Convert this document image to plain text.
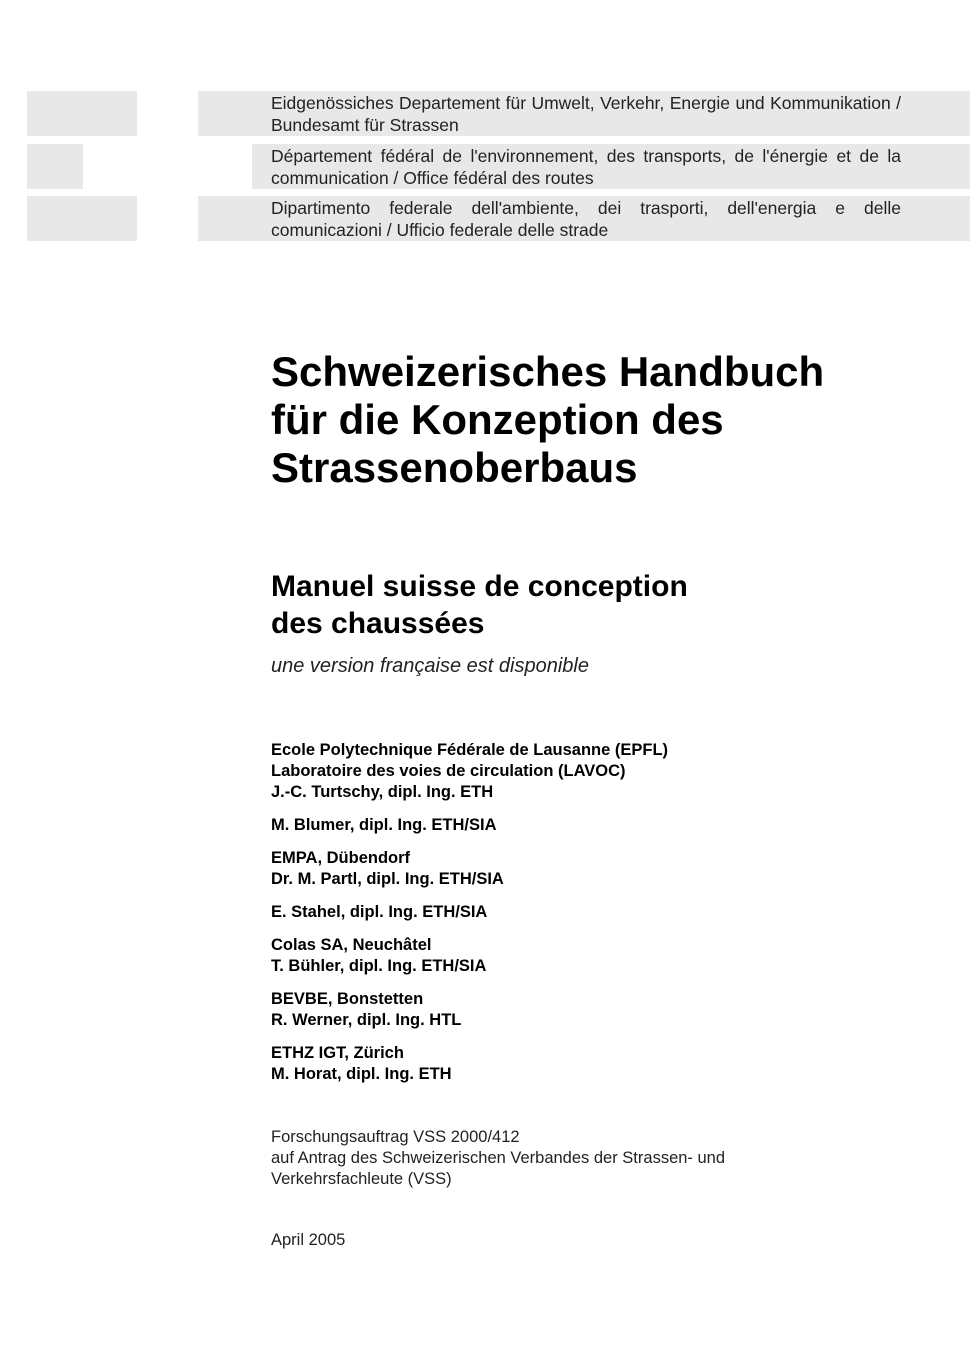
Eidgenössiches Departement für Umwelt, Verkehr, Energie und Kommunikation / Bundesamt für Strassen
Département fédéral de l'environnement, des transports, de l'énergie et de la communication / Office fédéral des routes
Dipartimento federale dell'ambiente, dei trasporti, dell'energia e delle comunicazioni / Ufficio federale delle strade
Schweizerisches Handbuch
für die Konzeption des
Strassenoberbaus
Manuel suisse de conception
des chaussées
une version française est disponible
Ecole Polytechnique Fédérale de Lausanne (EPFL)
Laboratoire des voies de circulation (LAVOC)
J.-C. Turtschy, dipl. Ing. ETH
M. Blumer, dipl. Ing. ETH/SIA
EMPA, Dübendorf
Dr. M. Partl, dipl. Ing. ETH/SIA
E. Stahel, dipl. Ing. ETH/SIA
Colas SA, Neuchâtel
T. Bühler, dipl. Ing. ETH/SIA
BEVBE, Bonstetten
R. Werner, dipl. Ing. HTL
ETHZ IGT, Zürich
M. Horat, dipl. Ing. ETH
Forschungsauftrag VSS 2000/412
auf Antrag des Schweizerischen Verbandes der Strassen- und
Verkehrsfachleute (VSS)
April 2005
